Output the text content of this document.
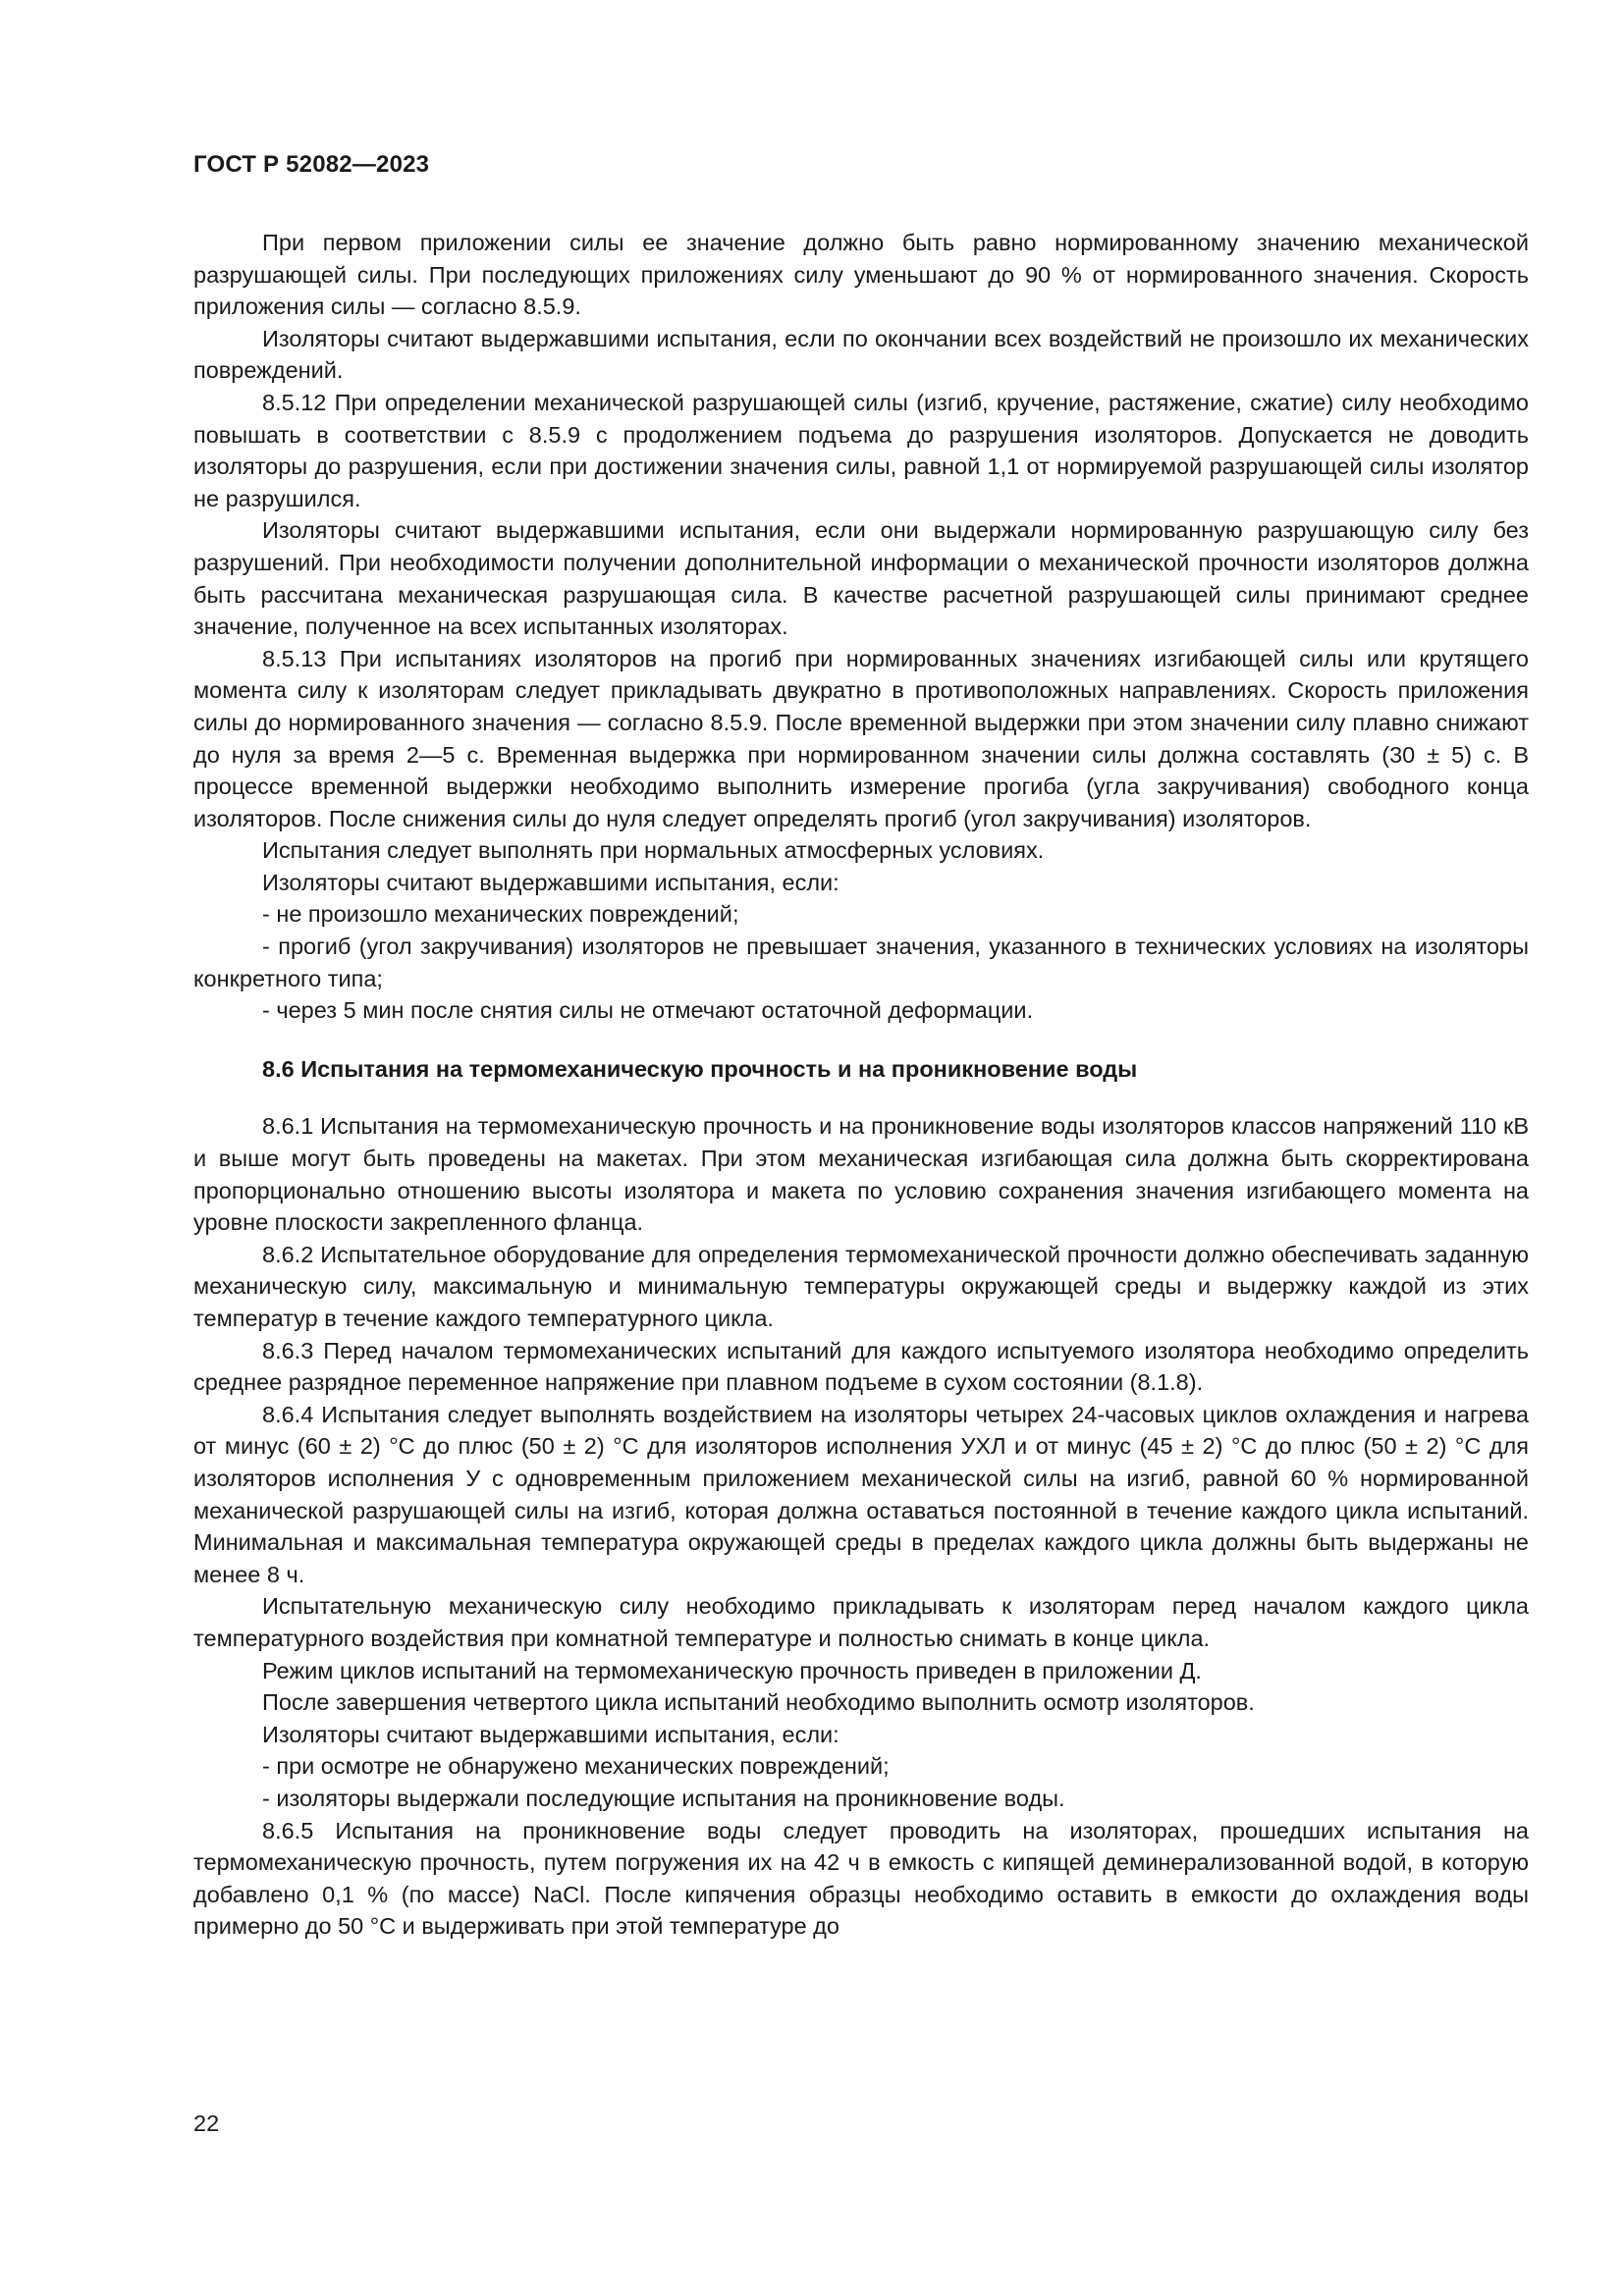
ГОСТ Р 52082—2023

При первом приложении силы ее значение должно быть равно нормированному значению механической разрушающей силы. При последующих приложениях силу уменьшают до 90 % от нормированного значения. Скорость приложения силы — согласно 8.5.9.

Изоляторы считают выдержавшими испытания, если по окончании всех воздействий не произошло их механических повреждений.

8.5.12 При определении механической разрушающей силы (изгиб, кручение, растяжение, сжатие) силу необходимо повышать в соответствии с 8.5.9 с продолжением подъема до разрушения изоляторов. Допускается не доводить изоляторы до разрушения, если при достижении значения силы, равной 1,1 от нормируемой разрушающей силы изолятор не разрушился.

Изоляторы считают выдержавшими испытания, если они выдержали нормированную разрушающую силу без разрушений. При необходимости получении дополнительной информации о механической прочности изоляторов должна быть рассчитана механическая разрушающая сила. В качестве расчетной разрушающей силы принимают среднее значение, полученное на всех испытанных изоляторах.

8.5.13 При испытаниях изоляторов на прогиб при нормированных значениях изгибающей силы или крутящего момента силу к изоляторам следует прикладывать двукратно в противоположных направлениях. Скорость приложения силы до нормированного значения — согласно 8.5.9. После временной выдержки при этом значении силу плавно снижают до нуля за время 2—5 с. Временная выдержка при нормированном значении силы должна составлять (30 ± 5) с. В процессе временной выдержки необходимо выполнить измерение прогиба (угла закручивания) свободного конца изоляторов. После снижения силы до нуля следует определять прогиб (угол закручивания) изоляторов.

Испытания следует выполнять при нормальных атмосферных условиях.

Изоляторы считают выдержавшими испытания, если:

- не произошло механических повреждений;

- прогиб (угол закручивания) изоляторов не превышает значения, указанного в технических условиях на изоляторы конкретного типа;

- через 5 мин после снятия силы не отмечают остаточной деформации.

8.6 Испытания на термомеханическую прочность и на проникновение воды

8.6.1 Испытания на термомеханическую прочность и на проникновение воды изоляторов классов напряжений 110 кВ и выше могут быть проведены на макетах. При этом механическая изгибающая сила должна быть скорректирована пропорционально отношению высоты изолятора и макета по условию сохранения значения изгибающего момента на уровне плоскости закрепленного фланца.

8.6.2 Испытательное оборудование для определения термомеханической прочности должно обеспечивать заданную механическую силу, максимальную и минимальную температуры окружающей среды и выдержку каждой из этих температур в течение каждого температурного цикла.

8.6.3 Перед началом термомеханических испытаний для каждого испытуемого изолятора необходимо определить среднее разрядное переменное напряжение при плавном подъеме в сухом состоянии (8.1.8).

8.6.4 Испытания следует выполнять воздействием на изоляторы четырех 24-часовых циклов охлаждения и нагрева от минус (60 ± 2) °С до плюс (50 ± 2) °С для изоляторов исполнения УХЛ и от минус (45 ± 2) °С до плюс (50 ± 2) °С для изоляторов исполнения У с одновременным приложением механической силы на изгиб, равной 60 % нормированной механической разрушающей силы на изгиб, которая должна оставаться постоянной в течение каждого цикла испытаний. Минимальная и максимальная температура окружающей среды в пределах каждого цикла должны быть выдержаны не менее 8 ч.

Испытательную механическую силу необходимо прикладывать к изоляторам перед началом каждого цикла температурного воздействия при комнатной температуре и полностью снимать в конце цикла.

Режим циклов испытаний на термомеханическую прочность приведен в приложении Д.

После завершения четвертого цикла испытаний необходимо выполнить осмотр изоляторов.

Изоляторы считают выдержавшими испытания, если:

- при осмотре не обнаружено механических повреждений;

- изоляторы выдержали последующие испытания на проникновение воды.

8.6.5 Испытания на проникновение воды следует проводить на изоляторах, прошедших испытания на термомеханическую прочность, путем погружения их на 42 ч в емкость с кипящей деминерализованной водой, в которую добавлено 0,1 % (по массе) NaCl. После кипячения образцы необходимо оставить в емкости до охлаждения воды примерно до 50 °С и выдерживать при этой температуре до

22
